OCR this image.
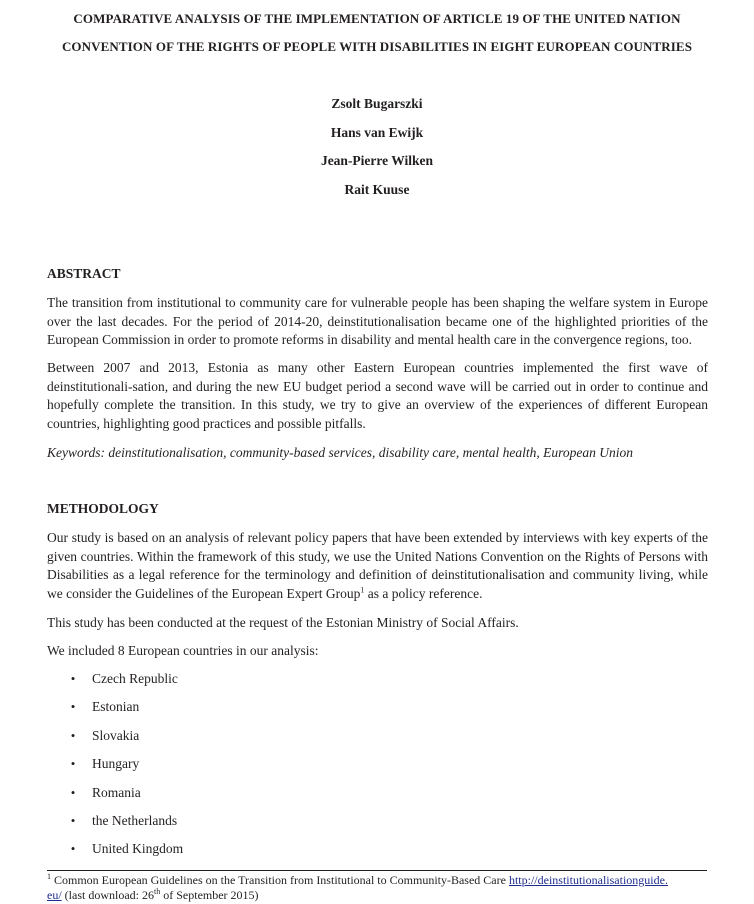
COMPARATIVE ANALYSIS OF THE IMPLEMENTATION OF ARTICLE 19 OF THE UNITED NATION
CONVENTION OF THE RIGHTS OF PEOPLE WITH DISABILITIES IN EIGHT EUROPEAN COUNTRIES
Zsolt Bugarszki
Hans van Ewijk
Jean-Pierre Wilken
Rait Kuuse
ABSTRACT
The transition from institutional to community care for vulnerable people has been shaping the welfare system in Europe over the last decades. For the period of 2014-20, deinstitutionalisation became one of the highlighted priorities of the European Commission in order to promote reforms in disability and mental health care in the convergence regions, too.
Between 2007 and 2013, Estonia as many other Eastern European countries implemented the first wave of deinstitutionali-sation, and during the new EU budget period a second wave will be carried out in order to continue and hopefully complete the transition. In this study, we try to give an overview of the experiences of different European countries, highlighting good practices and possible pitfalls.
Keywords: deinstitutionalisation, community-based services, disability care, mental health, European Union
METHODOLOGY
Our study is based on an analysis of relevant policy papers that have been extended by interviews with key experts of the given countries. Within the framework of this study, we use the United Nations Convention on the Rights of Persons with Disabilities as a legal reference for the terminology and definition of deinstitutionalisation and community living, while we consider the Guidelines of the European Expert Group$^1$ as a policy reference.
This study has been conducted at the request of the Estonian Ministry of Social Affairs.
We included 8 European countries in our analysis:
•
Czech Republic
•
Estonian
•
Slovakia
•
Hungary
•
Romania
•
the Netherlands
•
United Kingdom
$^1$ Common European Guidelines on the Transition from Institutional to Community-Based Care http://deinstitutionalisationguide.
eu/ (last download: 26th of September 2015)
